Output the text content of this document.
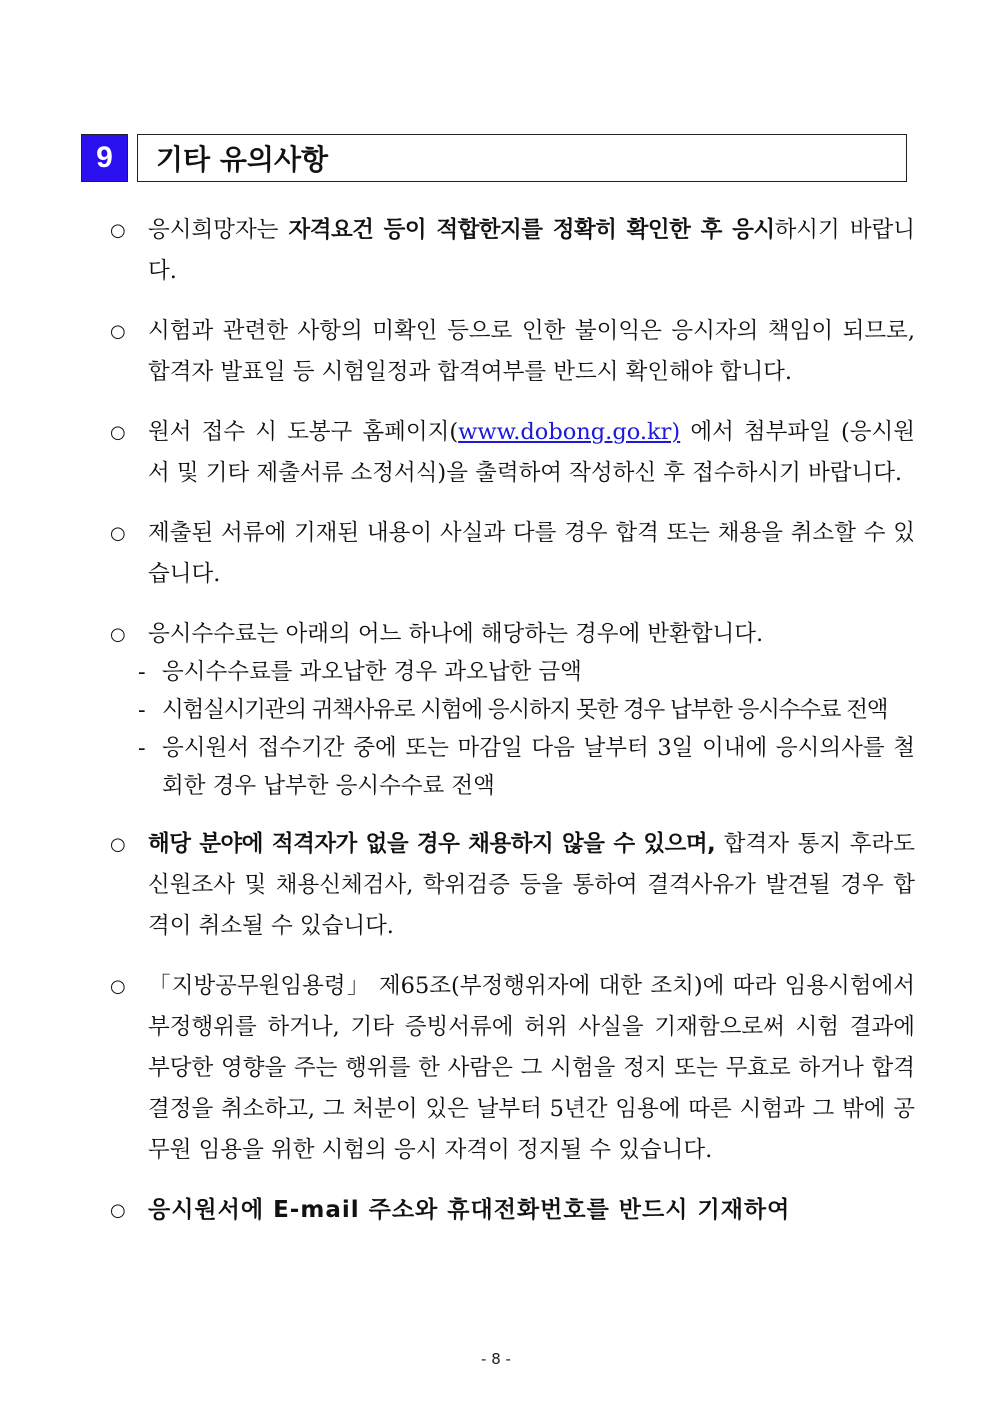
9	기타 유의사항
○ 응시희망자는 자격요건 등이 적합한지를 정확히 확인한 후 응시하시기 바랍니다.
○ 시험과 관련한 사항의 미확인 등으로 인한 불이익은 응시자의 책임이 되므로, 합격자 발표일 등 시험일정과 합격여부를 반드시 확인해야 합니다.
○ 원서 접수 시 도봉구 홈페이지(www.dobong.go.kr) 에서 첨부파일 (응시원서 및 기타 제출서류 소정서식)을 출력하여 작성하신 후 접수하시기 바랍니다.
○ 제출된 서류에 기재된 내용이 사실과 다를 경우 합격 또는 채용을 취소할 수 있습니다.
○ 응시수수료는 아래의 어느 하나에 해당하는 경우에 반환합니다.
- 응시수수료를 과오납한 경우 과오납한 금액
- 시험실시기관의 귀책사유로 시험에 응시하지 못한 경우 납부한 응시수수료 전액
- 응시원서 접수기간 중에 또는 마감일 다음 날부터 3일 이내에 응시의사를 철회한 경우 납부한 응시수수료 전액
○ 해당 분야에 적격자가 없을 경우 채용하지 않을 수 있으며, 합격자 통지 후라도 신원조사 및 채용신체검사, 학위검증 등을 통하여 결격사유가 발견될 경우 합격이 취소될 수 있습니다.
○ 「지방공무원임용령」 제65조(부정행위자에 대한 조치)에 따라 임용시험에서 부정행위를 하거나, 기타 증빙서류에 허위 사실을 기재함으로써 시험 결과에 부당한 영향을 주는 행위를 한 사람은 그 시험을 정지 또는 무효로 하거나 합격 결정을 취소하고, 그 처분이 있은 날부터 5년간 임용에 따른 시험과 그 밖에 공무원 임용을 위한 시험의 응시 자격이 정지될 수 있습니다.
○ 응시원서에 E-mail 주소와 휴대전화번호를 반드시 기재하여
- 8 -
